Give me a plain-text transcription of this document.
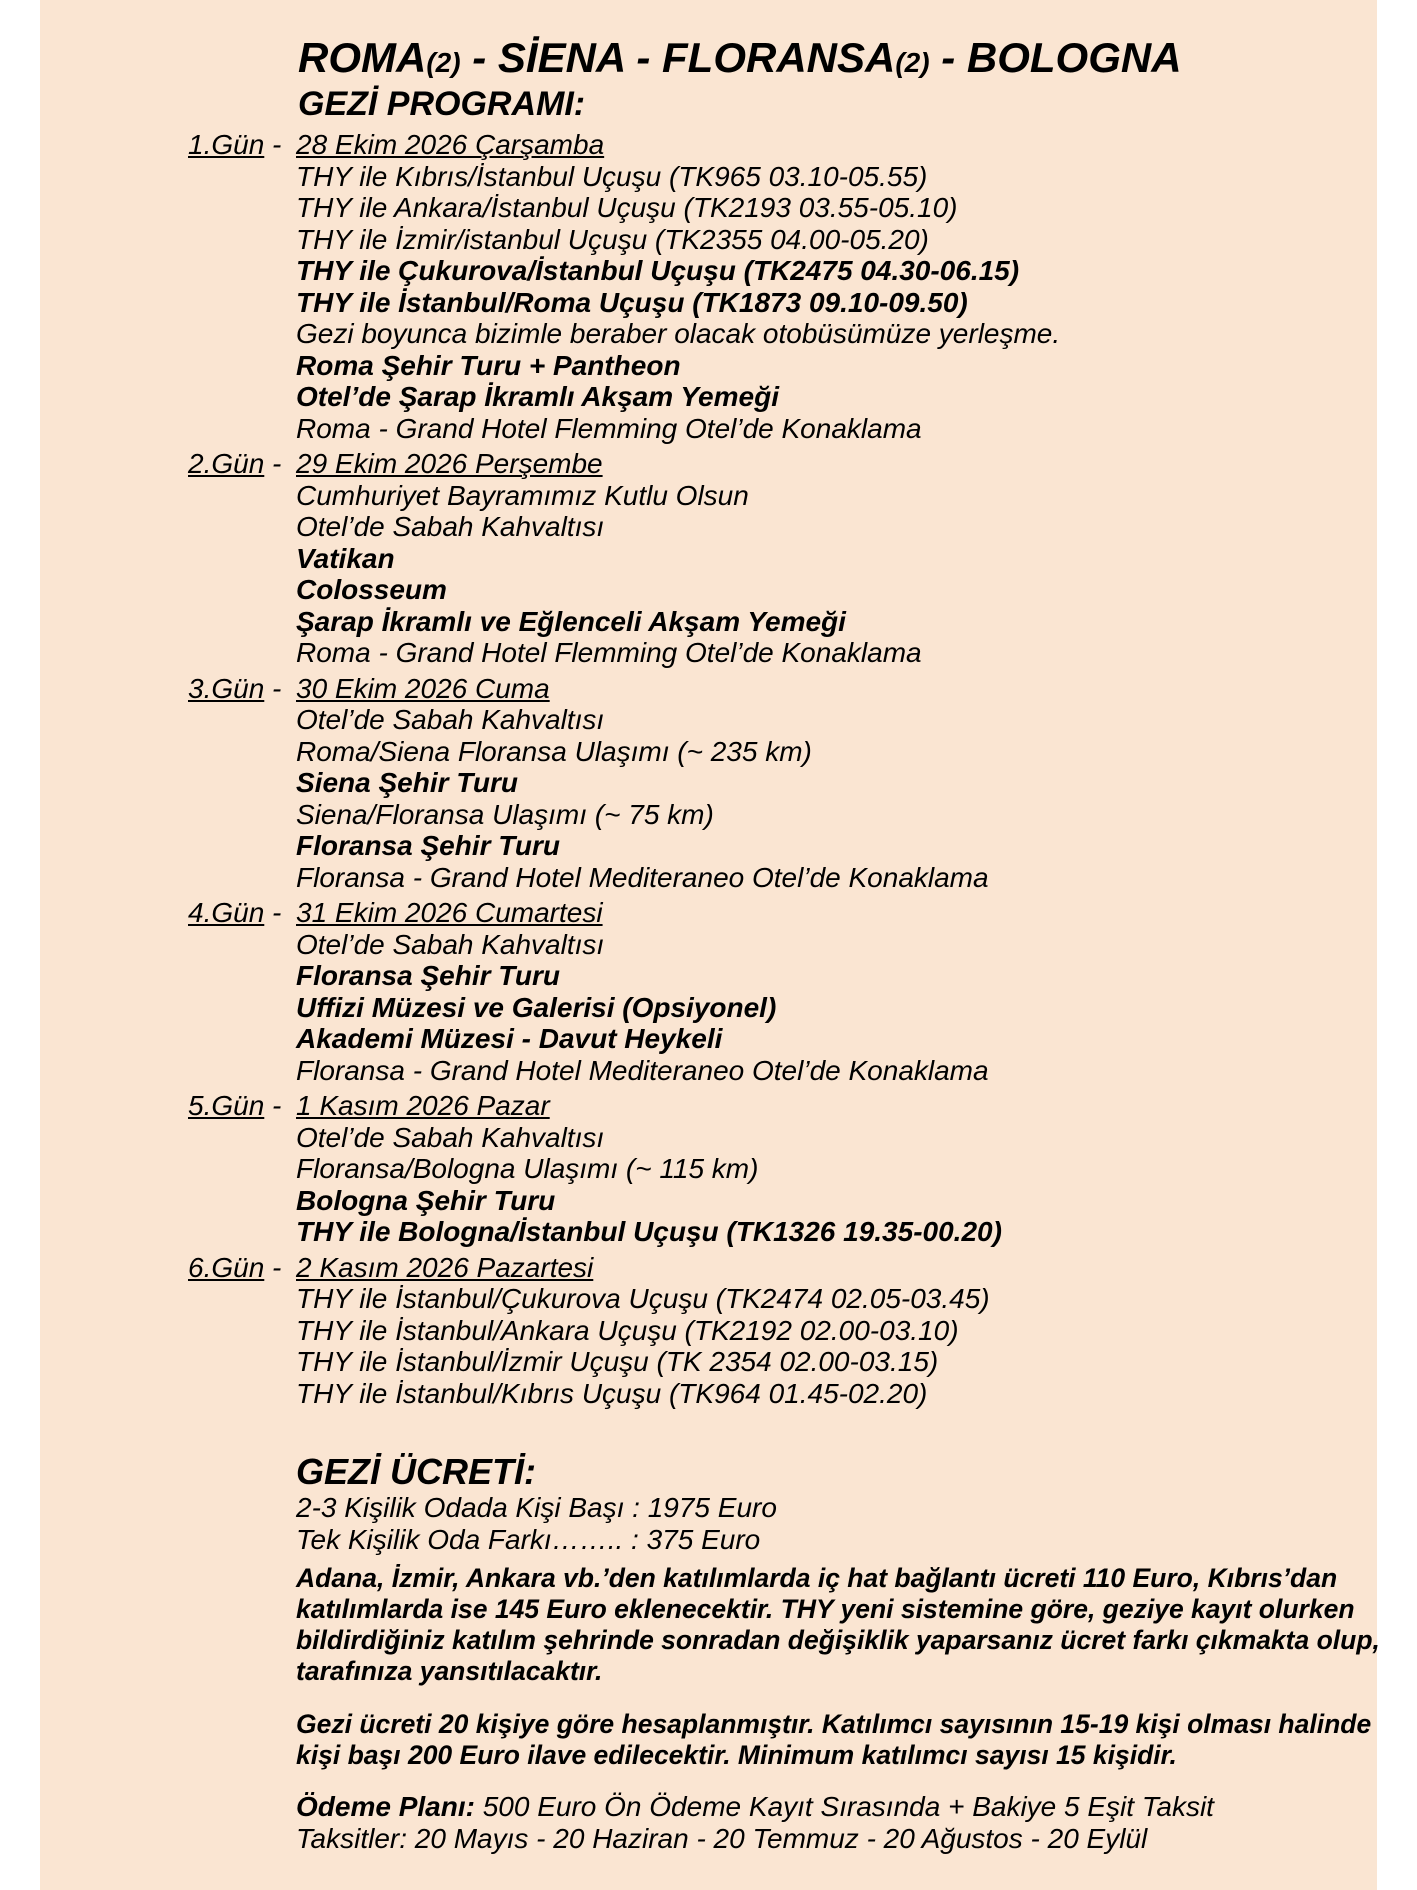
ROMA(2) - SİENA - FLORANSA(2) - BOLOGNA
GEZİ PROGRAMI:
1.Gün - 28 Ekim 2026 Çarşamba
THY ile Kıbrıs/İstanbul Uçuşu (TK965 03.10-05.55)
THY ile Ankara/İstanbul Uçuşu (TK2193 03.55-05.10)
THY ile İzmir/istanbul Uçuşu (TK2355 04.00-05.20)
THY ile Çukurova/İstanbul Uçuşu (TK2475 04.30-06.15)
THY ile İstanbul/Roma Uçuşu (TK1873 09.10-09.50)
Gezi boyunca bizimle beraber olacak otobüsümüze yerleşme.
Roma Şehir Turu + Pantheon
Otel’de Şarap İkramlı Akşam Yemeği
Roma - Grand Hotel Flemming Otel’de Konaklama
2.Gün - 29 Ekim 2026 Perşembe
Cumhuriyet Bayramımız Kutlu Olsun
Otel’de Sabah Kahvaltısı
Vatikan
Colosseum
Şarap İkramlı ve Eğlenceli Akşam Yemeği
Roma - Grand Hotel Flemming Otel’de Konaklama
3.Gün - 30 Ekim 2026 Cuma
Otel’de Sabah Kahvaltısı
Roma/Siena Floransa Ulaşımı (~ 235 km)
Siena Şehir Turu
Siena/Floransa Ulaşımı (~ 75 km)
Floransa Şehir Turu
Floransa - Grand Hotel Mediteraneo Otel’de Konaklama
4.Gün - 31 Ekim 2026 Cumartesi
Otel’de Sabah Kahvaltısı
Floransa Şehir Turu
Uffizi Müzesi ve Galerisi (Opsiyonel)
Akademi Müzesi - Davut Heykeli
Floransa - Grand Hotel Mediteraneo Otel’de Konaklama
5.Gün - 1 Kasım 2026 Pazar
Otel’de Sabah Kahvaltısı
Floransa/Bologna Ulaşımı (~ 115 km)
Bologna Şehir Turu
THY ile Bologna/İstanbul Uçuşu (TK1326 19.35-00.20)
6.Gün - 2 Kasım 2026 Pazartesi
THY ile İstanbul/Çukurova Uçuşu (TK2474 02.05-03.45)
THY ile İstanbul/Ankara Uçuşu (TK2192 02.00-03.10)
THY ile İstanbul/İzmir Uçuşu (TK 2354 02.00-03.15)
THY ile İstanbul/Kıbrıs Uçuşu (TK964 01.45-02.20)
GEZİ ÜCRETİ:
2-3 Kişilik Odada Kişi Başı : 1975 Euro
Tek Kişilik Oda Farkı…….. : 375 Euro

Adana, İzmir, Ankara vb.’den katılımlarda iç hat bağlantı ücreti 110 Euro, Kıbrıs’dan katılımlarda ise 145 Euro eklenecektir. THY yeni sistemine göre, geziye kayıt olurken bildirdiğiniz katılım şehrinde sonradan değişiklik yaparsanız ücret farkı çıkmakta olup, tarafınıza yansıtılacaktır.

Gezi ücreti 20 kişiye göre hesaplanmıştır. Katılımcı sayısının 15-19 kişi olması halinde kişi başı 200 Euro ilave edilecektir. Minimum katılımcı sayısı 15 kişidir.

Ödeme Planı: 500 Euro Ön Ödeme Kayıt Sırasında + Bakiye 5 Eşit Taksit
Taksitler: 20 Mayıs - 20 Haziran - 20 Temmuz - 20 Ağustos - 20 Eylül
